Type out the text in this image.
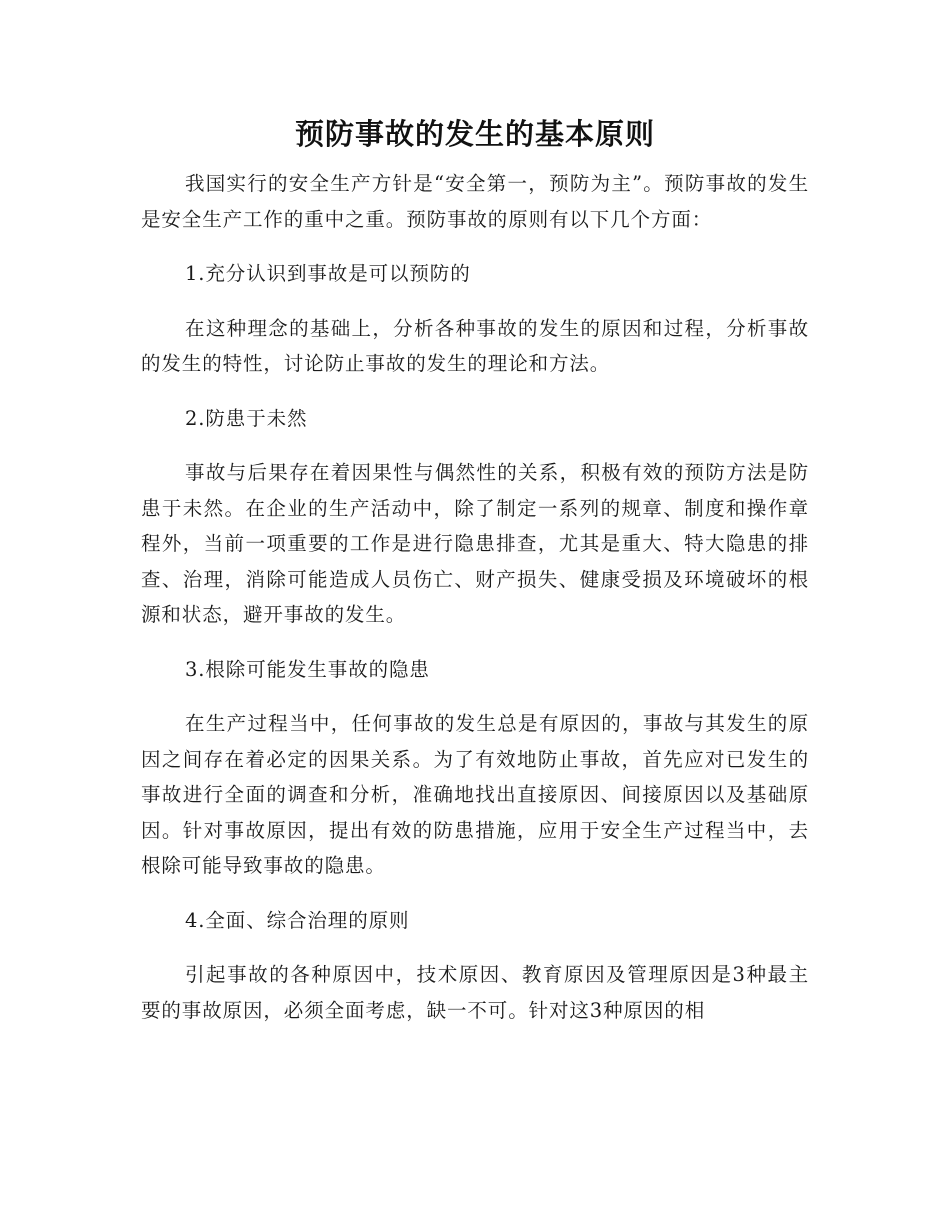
预防事故的发生的基本原则

我国实行的安全生产方针是“安全第一，预防为主”。预防事故的发生是安全生产工作的重中之重。预防事故的原则有以下几个方面：

1.充分认识到事故是可以预防的

在这种理念的基础上，分析各种事故的发生的原因和过程，分析事故的发生的特性，讨论防止事故的发生的理论和方法。

2.防患于未然

事故与后果存在着因果性与偶然性的关系，积极有效的预防方法是防患于未然。在企业的生产活动中，除了制定一系列的规章、制度和操作章程外，当前一项重要的工作是进行隐患排查，尤其是重大、特大隐患的排查、治理，消除可能造成人员伤亡、财产损失、健康受损及环境破坏的根源和状态，避开事故的发生。

3.根除可能发生事故的隐患

在生产过程当中，任何事故的发生总是有原因的，事故与其发生的原因之间存在着必定的因果关系。为了有效地防止事故，首先应对已发生的事故进行全面的调查和分析，准确地找出直接原因、间接原因以及基础原因。针对事故原因，提出有效的防患措施，应用于安全生产过程当中，去根除可能导致事故的隐患。

4.全面、综合治理的原则

引起事故的各种原因中，技术原因、教育原因及管理原因是3种最主要的事故原因，必须全面考虑，缺一不可。针对这3种原因的相
